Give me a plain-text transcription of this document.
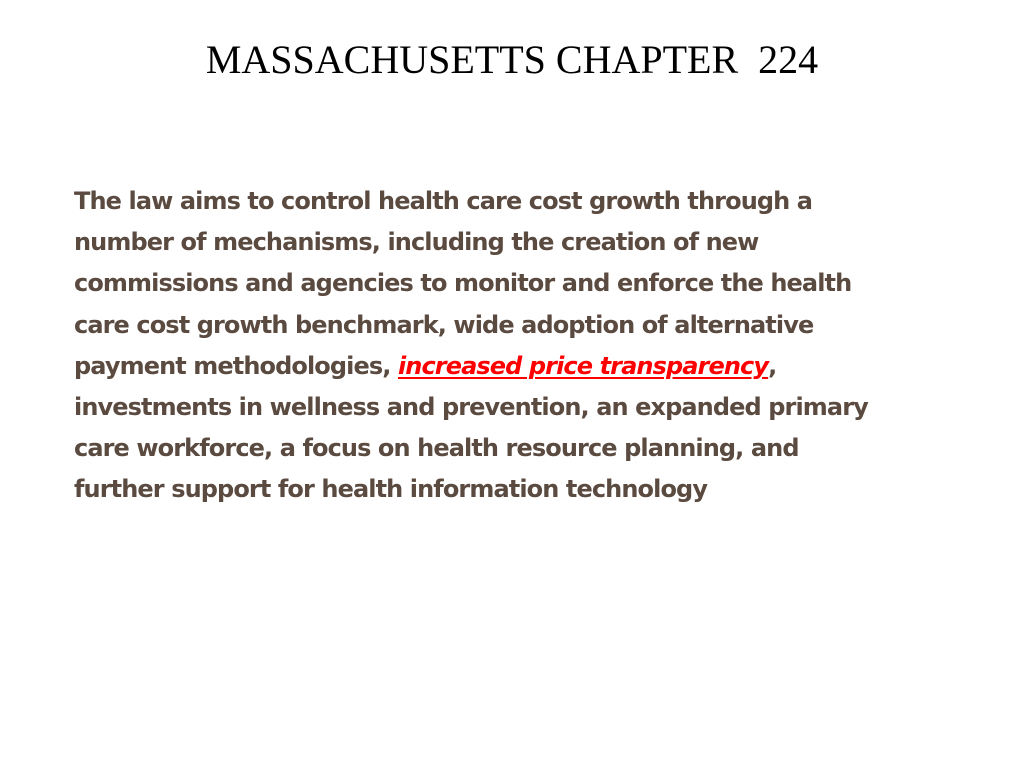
MASSACHUSETTS CHAPTER  224
The law aims to control health care cost growth through a
number of mechanisms, including the creation of new
commissions and agencies to monitor and enforce the health
care cost growth benchmark, wide adoption of alternative
payment methodologies, increased price transparency,
investments in wellness and prevention, an expanded primary
care workforce, a focus on health resource planning, and
further support for health information technology
